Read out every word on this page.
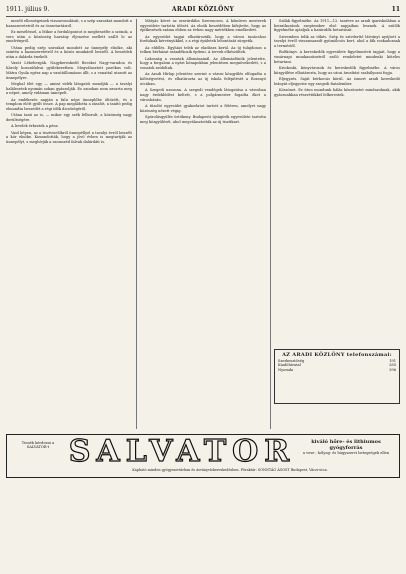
1911. július 9.	ARADI KÖZLÖNY	11

meséli ellenségeinek visszavonulását, s a szép szavakat mondott a hazaszeretetről és az összetartásról.

Ez meséléssel, a Mikor a fordulópontot is megbeszélte a szónok, a vers után a közönség harsány éljenzése mellett szállt le az emelvényről.

Utána pedig szép szavakat mondott az ünnepély elnöke, aki szintén a hazaszeretetről és a közös munkáról beszélt. A beszédek után a dalárda énekelt.

Vasút Lébebergák. Nagykereskedő Becskei Nagy-varadon és Károly hosszúfalvai gyülekezetben. Megválasztott parókus volt. Mátra Gyula egész nap a vasútállomáson állt, s a vonattal utazott az ünnepélyre.

Meghal élet egy — amint vidék látogatói mondják — a tavalyi halálesetek nyomán sokan gyászolják. Ez azonban nem zavarta meg a népet, amely vidáman ünnepelt.

Az emlékezés napján a falu népe ünneplőbe öltözött, és a templom előtt gyűlt össze. A pap megáldotta a zászlót, a tanító pedig elmondta beszédét a régi idők dicsőségéről.

Utána tanú az is, — mikor egy szék felborult, a közönség nagy derültségére.

A levelek érkeztek a pénz.

Vaid képen, az a tisztviselőkről ünnepéllyel a tavalyi évről beszélt a kör elnöke. Kimondották, hogy a jövő évben is megtartják az ünnepélyt, s meghívják a szomszéd falvak dalárdáit is.

Mátyás követ az oravárdába Szerencsen. A kőműves mesterek egyesülete tartotta ülését. Az elnök beszédében kifejtette, hogy az építkezések száma ebben az évben nagy mértékben emelkedett.

Az egyesület tagjai elhatározták, hogy a városi tanácshoz fordulnak kérvényükkel, s a régi épületek lebontását sürgetik.

Az eldőlés. Egyházi telek az eladásra kerül. Az új tulajdonos a telken bérházat szándékozik építeni. A tervek elkészültek.

Lakosság a vasutak állomásainál. Az állomásfőnök jelentette, hogy a forgalom a nyári hónapokban jelentősen megnövekedett, s a vonatok zsúfoltak.

Az Aradi Hírlap jelentése szerint a városi közgyűlés elfogadta a költségvetést, és elhatározta az új iskola felépítését a Rozsnyó utcában.

A Szegedi uzsonna. A szegedi vendégek látogatása a városban nagy érdeklődést keltett, s a polgármester fogadta őket a városházán.

A tűzoltó egyesület gyakorlatot tartott a főtéren, amelyet nagy közönség nézett végig.

Spórolásgyűlés ürtökeny. Budapesti újságírók egyesülete tartotta meg közgyűlését, ahol megválasztották az új tisztikart.

Szilák figyelmébe. Az 1911—12. tanévre az aradi ipariskolában a beiratkozások szeptember első napjaiban lesznek. A szülők figyelmébe ajánljuk a határidők betartását.

Szivemben telik az tőkés. Szép és szívderítő látványt nyújtott a tavalyi évről visszamaradt gyümölcsös kert, ahol a fák roskadoznak a terméstől.

Boltkönyv. A kereskedők egyesülete figyelmezteti tagjait, hogy a vasárnapi munkaszünetről szóló rendeletet mindenki köteles betartani.

Kriokoski, könyvárusok és kereskedők figyelmébe. A város közgyűlése elhatározta, hogy az utcai árusítást szabályozni fogja.

Eljegyzés. Saját bérkocsis körül. Az ismert aradi kereskedő leányát eljegyezte egy szegedi fiatalember.

Köszönet. Ez úton mondunk hálás köszönetet mindazoknak, akik gyászunkban részvétükkel felkerestek.

AZ ARADI KÖZLÖNY telefonszámai:
Szerkesztőség	191
Kiadóhivatal	285
Nyomda	396
Tessék kérdezni a SALVATOR-t SALVATOR	kiváló hőre- és lithiumos gyógyforrás
a vese-, hólyag- és húgyszervi betegségek ellen
Kapható minden gyógyszertárban és ásványvízkereskedésben. Főraktár: SONNTÁG ÁGOST Budapest, Váczi-utca.
